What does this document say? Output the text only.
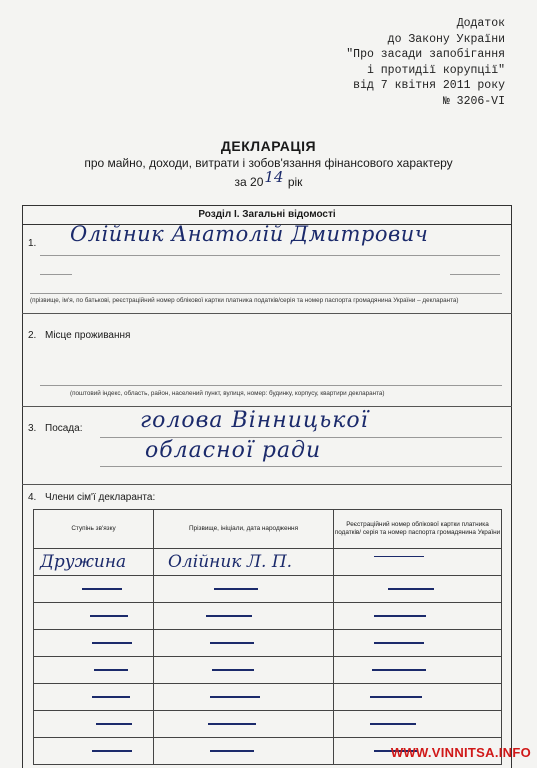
Додаток
до Закону України
"Про засади запобігання
і протидії корупції"
від 7 квітня 2011 року
№ 3206-VI
ДЕКЛАРАЦІЯ
про майно, доходи, витрати і зобов'язання фінансового характеру
за 2014 рік
Розділ І. Загальні відомості
1. Олійник Анатолій Дмитрович
(прізвище, ім'я, по батькові, реєстраційний номер облікової картки платника податків/серія та номер паспорта громадянина України – декларанта)
2. Місце проживання
(поштовий індекс, область, район, населений пункт, вулиця, номер: будинку, корпусу, квартири декларанта)
3. Посада:	голова Вінницької
обласної ради
4. Члени сім'ї декларанта:
Ступінь зв'язку	Прізвище, ініціали, дата народження	Реєстраційний номер облікової картки платника податків/ серія та номер паспорта громадянина України

Дружина	Олійник Л. П.	

WWW.VINNITSA.INFO
